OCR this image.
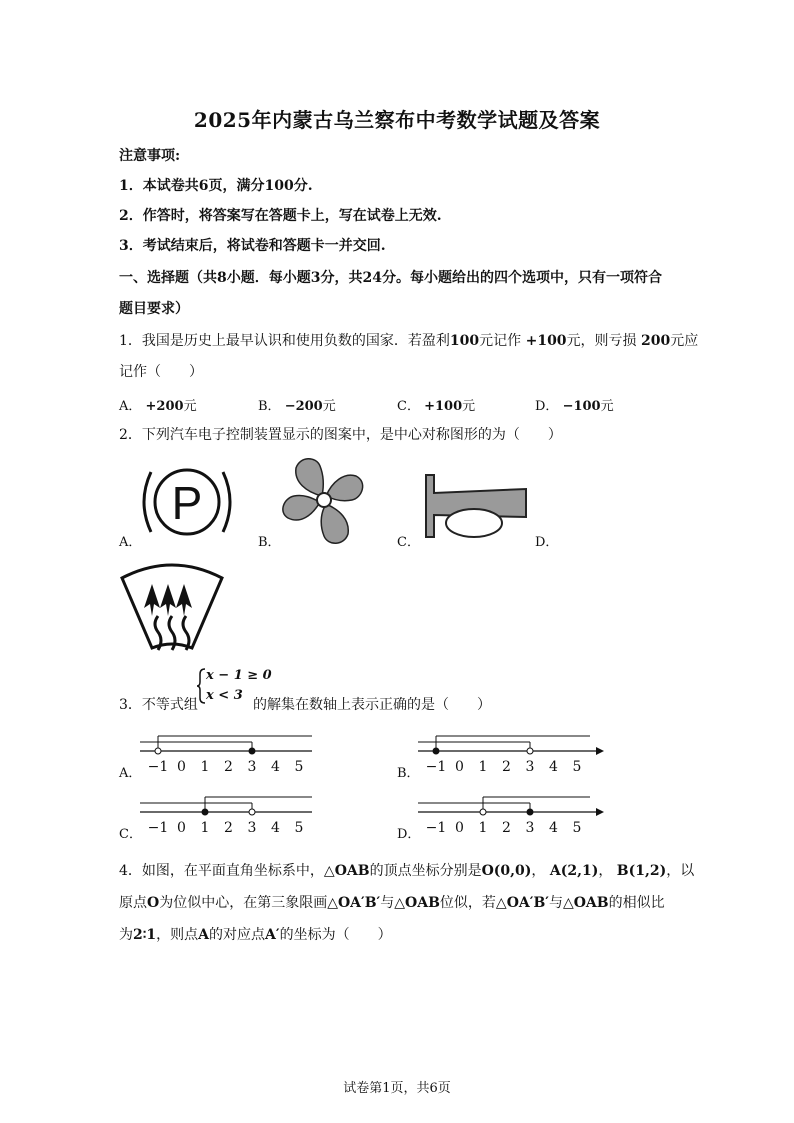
2025年内蒙古乌兰察布中考数学试题及答案
注意事项:
1．本试卷共6页，满分100分.
2．作答时，将答案写在答题卡上，写在试卷上无效.
3．考试结束后，将试卷和答题卡一并交回.
一、选择题（共8小题．每小题3分，共24分。每小题给出的四个选项中，只有一项符合
题目要求）
1．我国是历史上最早认识和使用负数的国家．若盈利100元记作 +100元，则亏损 200元应
记作（　　）
A． +200元	B． −200元	C． +100元	D． −100元
2．下列汽车电子控制装置显示的图案中，是中心对称图形的为（　　）
P
A．	B．	C．	D．
3．不等式组
x − 1 ≥ 0
x < 3
的解集在数轴上表示正确的是（　　）
A．	B．
C．	D．
−1 0 1 2 3 4 5	−1 0 1 2 3 4 5
−1 0 1 2 3 4 5	−1 0 1 2 3 4 5
4．如图，在平面直角坐标系中，△OAB的顶点坐标分别是O(0,0)， A(2,1)， B(1,2)，以
原点O为位似中心，在第三象限画△OA′B′与△OAB位似，若△OA′B′与△OAB的相似比
为2∶1，则点A的对应点A′的坐标为（　　）
试卷第1页，共6页
